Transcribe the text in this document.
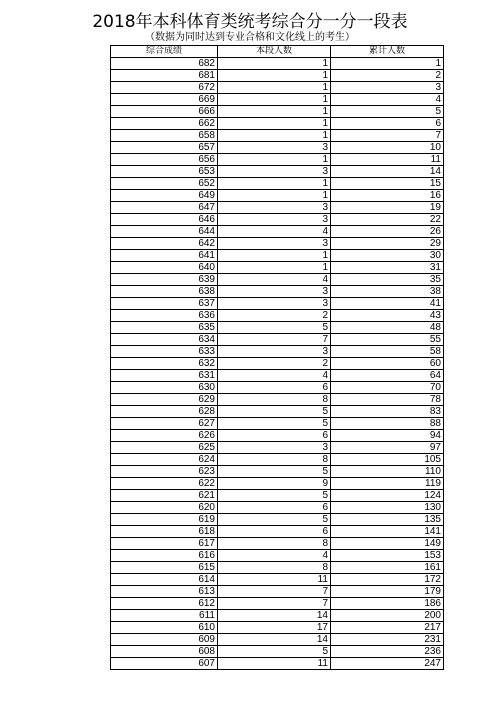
2018年本科体育类统考综合分一分一段表
（数据为同时达到专业合格和文化线上的考生）
综合成绩	本段人数	累计人数
682	1	1
681	1	2
672	1	3
669	1	4
666	1	5
662	1	6
658	1	7
657	3	10
656	1	11
653	3	14
652	1	15
649	1	16
647	3	19
646	3	22
644	4	26
642	3	29
641	1	30
640	1	31
639	4	35
638	3	38
637	3	41
636	2	43
635	5	48
634	7	55
633	3	58
632	2	60
631	4	64
630	6	70
629	8	78
628	5	83
627	5	88
626	6	94
625	3	97
624	8	105
623	5	110
622	9	119
621	5	124
620	6	130
619	5	135
618	6	141
617	8	149
616	4	153
615	8	161
614	11	172
613	7	179
612	7	186
611	14	200
610	17	217
609	14	231
608	5	236
607	11	247
